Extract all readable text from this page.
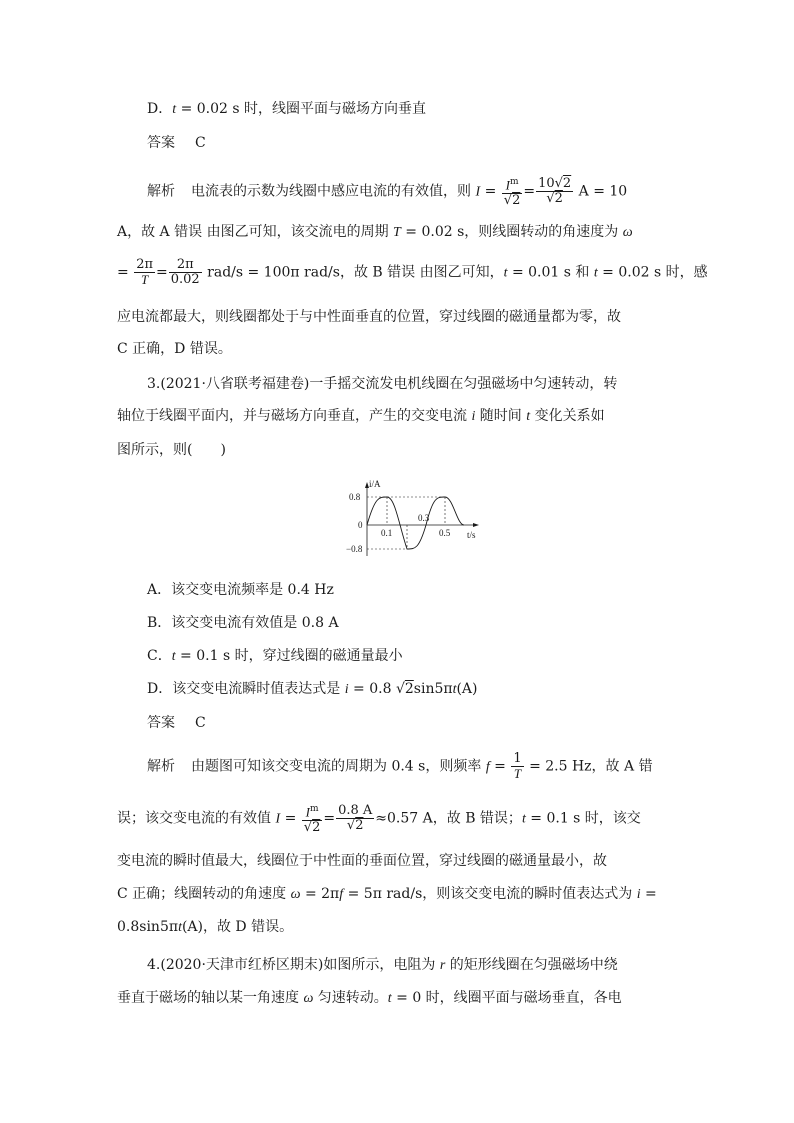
D．t = 0.02 s 时，线圈平面与磁场方向垂直
答案 C
解析 电流表的示数为线圈中感应电流的有效值，则 $I = \frac{I^m}{√2} = \frac{10√2}{√2}$ A = 10
A，故 A 错误 由图乙可知，该交流电的周期 T = 0.02 s，则线圈转动的角速度为 ω
= $\frac{2\pi}{T} = \frac{2\pi}{0.02} rad/s = 100\pi$ rad/s，故 B 错误 由图乙可知，t = 0.01 s 和 t = 0.02 s 时，感
应电流都最大，则线圈都处于与中性面垂直的位置，穿过线圈的磁通量都为零，故
C 正确，D 错误。
3.(2021·八省联考福建卷)一手摇交流发电机线圈在匀强磁场中匀速转动，转
轴位于线圈平面内，并与磁场方向垂直，产生的交变电流 i 随时间 t 变化关系如
图所示，则(　　)
i/A
0.8
0
−0.8
0.1
0.3
0.5 t/s
A．该交变电流频率是 0.4 Hz
B．该交变电流有效值是 0.8 A
C．t = 0.1 s 时，穿过线圈的磁通量最小
D．该交变电流瞬时值表达式是 i = 0.8 √2sin5πt(A)
答案 C
解析 由题图可知该交变电流的周期为 0.4 s，则频率 $f = \frac{1}{T} = 2.5$ Hz，故 A 错
误；该交变电流的有效值 $I = \frac{I^m}{√2} = \frac{0.8 A}{√2} \approx 0.57$ A，故 B 错误；t = 0.1 s 时，该交
变电流的瞬时值最大，线圈位于中性面的垂面位置，穿过线圈的磁通量最小，故
C 正确；线圈转动的角速度 ω = 2πf = 5π rad/s，则该交变电流的瞬时值表达式为 i =
0.8sin5πt(A)，故 D 错误。
4.(2020·天津市红桥区期末)如图所示，电阻为 r 的矩形线圈在匀强磁场中绕
垂直于磁场的轴以某一角速度 ω 匀速转动。t = 0 时，线圈平面与磁场垂直，各电
